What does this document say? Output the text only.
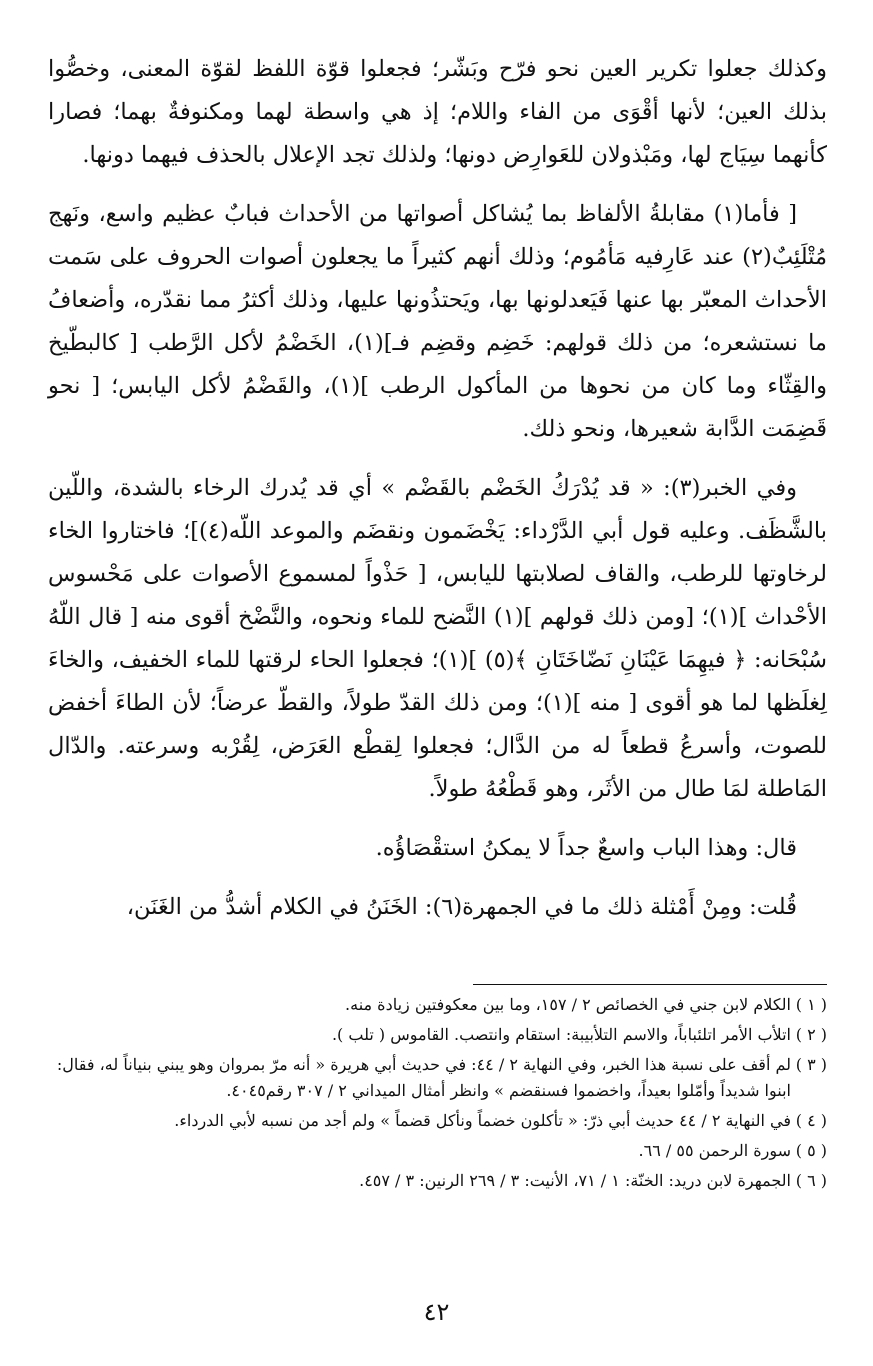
وكذلك جعلوا تكرير العين نحو فرّح وبَشّر؛ فجعلوا قوّة اللفظ لقوّة المعنى، وخصُّوا بذلك العين؛ لأنها أقْوَى من الفاء واللام؛ إذ هي واسطة لهما ومكنوفةٌ بهما؛ فصارا كأنهما سِيَاج لها، ومَبْذولان للعَوارِض دونها؛ ولذلك تجد الإعلال بالحذف فيهما دونها.

[ فأما(١) مقابلةُ الألفاظ بما يُشاكل أصواتها من الأحداث فبابٌ عظيم واسع، ونَهج مُتْلَئِبٌ(٢) عند عَارِفيه مَأمُوم؛ وذلك أنهم كثيراً ما يجعلون أصوات الحروف على سَمت الأحداث المعبّر بها عنها فَيَعدلونها بها، ويَحتذُونها عليها، وذلك أكثرُ مما نقدّره، وأضعافُ ما نستشعره؛ من ذلك قولهم: خَضِم وقضِم فـ](١)، الخَضْمُ لأكل الرَّطب [ كالبطّيخ والقِثّاء وما كان من نحوها من المأكول الرطب ](١)، والقَضْمُ لأكل اليابس؛ [ نحو قَضِمَت الدَّابة شعيرها، ونحو ذلك.

وفي الخبر(٣): « قد يُدْرَكُ الخَضْم بالقَضْم » أي قد يُدرك الرخاء بالشدة، واللّين بالشَّظَف. وعليه قول أبي الدَّرْداء: يَخْضَمون ونقضَم والموعد اللّه(٤)]؛ فاختاروا الخاء لرخاوتها للرطب، والقاف لصلابتها لليابس، [ حَذْواً لمسموع الأصوات على مَحْسوس الأحْداث ](١)؛ [ومن ذلك قولهم ](١) النَّضح للماء ونحوه، والنَّضْخ أقوى منه [ قال اللّهُ سُبْحَانه: ﴿ فيهِمَا عَيْنَانِ نَضّاخَتَانِ ﴾(٥) ](١)؛ فجعلوا الحاء لرقتها للماء الخفيف، والخاءَ لِغلَظها لما هو أقوى [ منه ](١)؛ ومن ذلك القدّ طولاً، والقطّ عرضاً؛ لأن الطاءَ أخفض للصوت، وأسرعُ قطعاً له من الدَّال؛ فجعلوا لِقطْع العَرَض، لِقُرْبه وسرعته. والدّال المَاطلة لمَا طال من الأثَر، وهو قَطْعُهُ طولاً.

قال: وهذا الباب واسعٌ جداً لا يمكنُ استقْصَاؤُه.

قُلت: ومِنْ أَمْثلة ذلك ما في الجمهرة(٦): الخَنَنُ في الكلام أشدُّ من الغَنَن،

( ١ )الكلام لابن جني في الخصائص ٢ / ١٥٧، وما بين معكوفتين زيادة منه.
( ٢ )اتلأب الأمر اتلئباباً، والاسم التلأبيبة: استقام وانتصب. القاموس ( تلب ).
( ٣ )لم أقف على نسبة هذا الخبر، وفي النهاية ٢ / ٤٤: في حديث أبي هريرة « أنه مرّ بمروان وهو يبني بنياناً له، فقال: ابنوا شديداً وأمّلوا بعيداً، واخضموا فسنقضم » وانظر أمثال الميداني ٢ / ٣٠٧ رقم٤٠٤٥.
( ٤ )في النهاية ٢ / ٤٤ حديث أبي ذرّ: « تأكلون خضماً ونأكل قضماً » ولم أجد من نسبه لأبي الدرداء.
( ٥ )سورة الرحمن ٥٥ / ٦٦.
( ٦ )الجمهرة لابن دريد: الخنّة: ١ / ٧١، الأنيت: ٣ / ٢٦٩ الرنين: ٣ / ٤٥٧.
٤٢
